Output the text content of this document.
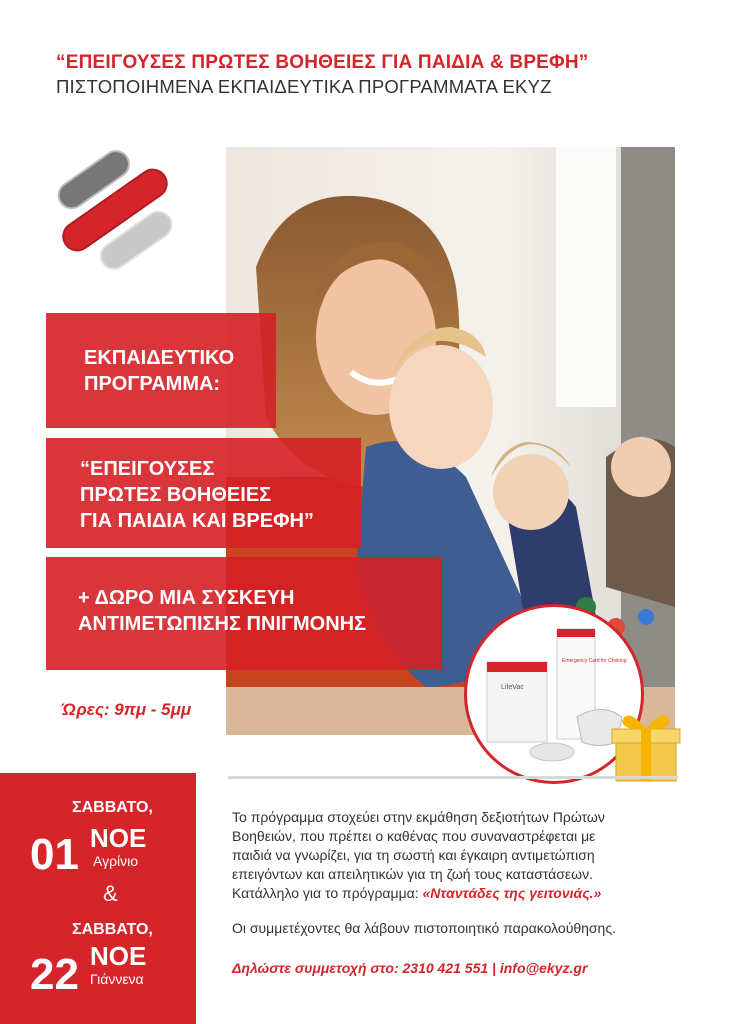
“ΕΠΕΙΓΟΥΣΕΣ ΠΡΩΤΕΣ ΒΟΗΘΕΙΕΣ ΓΙΑ ΠΑΙΔΙΑ & ΒΡΕΦΗ”
ΠΙΣΤΟΠΟΙΗΜΕΝΑ ΕΚΠΑΙΔΕΥΤΙΚΑ ΠΡΟΓΡΑΜΜΑΤΑ ΕΚΥΖ
ΕΚΠΑΙΔΕΥΤΙΚΟ
ΠΡΟΓΡΑΜΜΑ:
“ΕΠΕΙΓΟΥΣΕΣ
ΠΡΩΤΕΣ ΒΟΗΘΕΙΕΣ
ΓΙΑ ΠΑΙΔΙΑ ΚΑΙ ΒΡΕΦΗ”
+ ΔΩΡΟ ΜΙΑ ΣΥΣΚΕΥΗ
ΑΝΤΙΜΕΤΩΠΙΣΗΣ ΠΝΙΓΜΟΝΗΣ
Ώρες: 9πμ - 5μμ
LifeVac
Emergency Card for Choking
ΣΑΒΒΑΤΟ,
01 ΝΟΕ
Αγρίνιο
&
ΣΑΒΒΑΤΟ,
22 ΝΟΕ
Γιάννενα
Το πρόγραμμα στοχεύει στην εκμάθηση δεξιοτήτων Πρώτων
Βοηθειών, που πρέπει ο καθένας που συναναστρέφεται με
παιδιά να γνωρίζει, για τη σωστή και έγκαιρη αντιμετώπιση
επειγόντων και απειλητικών για τη ζωή τους καταστάσεων.
Κατάλληλο για το πρόγραμμα: «Νταντάδες της γειτονιάς.»
Οι συμμετέχοντες θα λάβουν πιστοποιητικό παρακολούθησης.
Δηλώστε συμμετοχή στο: 2310 421 551 | info@ekyz.gr
